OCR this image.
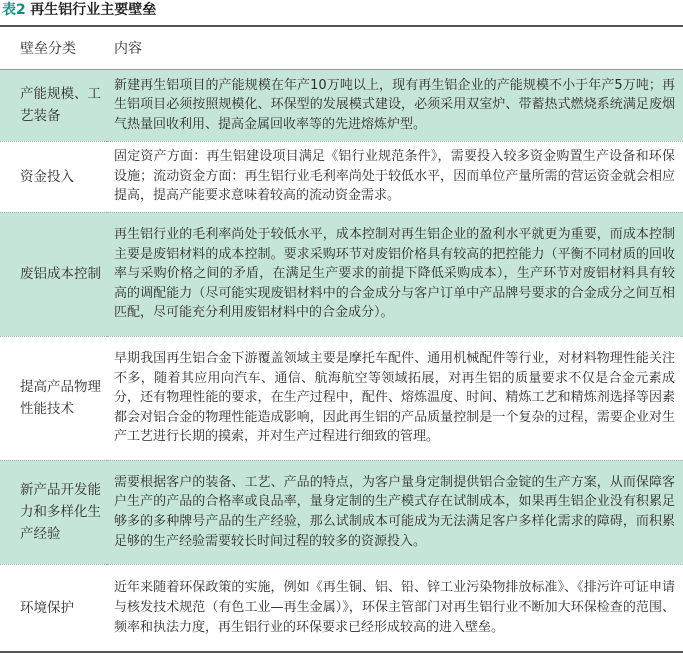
表2 再生铝行业主要壁垒
壁垒分类	内容
产能规模、工艺装备	新建再生铝项目的产能规模在年产10万吨以上，现有再生铝企业的产能规模不小于年产5万吨；再生铝项目必须按照规模化、环保型的发展模式建设，必须采用双室炉、带蓄热式燃烧系统满足废烟气热量回收利用、提高金属回收率等的先进熔炼炉型。
资金投入	固定资产方面：再生铝建设项目满足《铝行业规范条件》，需要投入较多资金购置生产设备和环保设施；流动资金方面：再生铝行业毛利率尚处于较低水平，因而单位产量所需的营运资金就会相应提高，提高产能要求意味着较高的流动资金需求。
废铝成本控制	再生铝行业的毛利率尚处于较低水平，成本控制对再生铝企业的盈利水平就更为重要，而成本控制主要是废铝材料的成本控制。要求采购环节对废铝价格具有较高的把控能力（平衡不同材质的回收率与采购价格之间的矛盾，在满足生产要求的前提下降低采购成本），生产环节对废铝材料具有较高的调配能力（尽可能实现废铝材料中的合金成分与客户订单中产品牌号要求的合金成分之间互相匹配，尽可能充分利用废铝材料中的合金成分）。
提高产品物理性能技术	早期我国再生铝合金下游覆盖领域主要是摩托车配件、通用机械配件等行业，对材料物理性能关注不多，随着其应用向汽车、通信、航海航空等领域拓展，对再生铝的质量要求不仅是合金元素成分，还有物理性能的要求，在生产过程中，配件、熔炼温度、时间、精炼工艺和精炼剂选择等因素都会对铝合金的物理性能造成影响，因此再生铝的产品质量控制是一个复杂的过程，需要企业对生产工艺进行长期的摸索，并对生产过程进行细致的管理。
新产品开发能力和多样化生产经验	需要根据客户的装备、工艺、产品的特点，为客户量身定制提供铝合金锭的生产方案，从而保障客户生产的产品的合格率或良品率，量身定制的生产模式存在试制成本，如果再生铝企业没有积累足够多的多种牌号产品的生产经验，那么试制成本可能成为无法满足客户多样化需求的障碍，而积累足够的生产经验需要较长时间过程的较多的资源投入。
环境保护	近年来随着环保政策的实施，例如《再生铜、铝、铅、锌工业污染物排放标准》、《排污许可证申请与核发技术规范（有色工业—再生金属）》，环保主管部门对再生铝行业不断加大环保检查的范围、频率和执法力度，再生铝行业的环保要求已经形成较高的进入壁垒。
